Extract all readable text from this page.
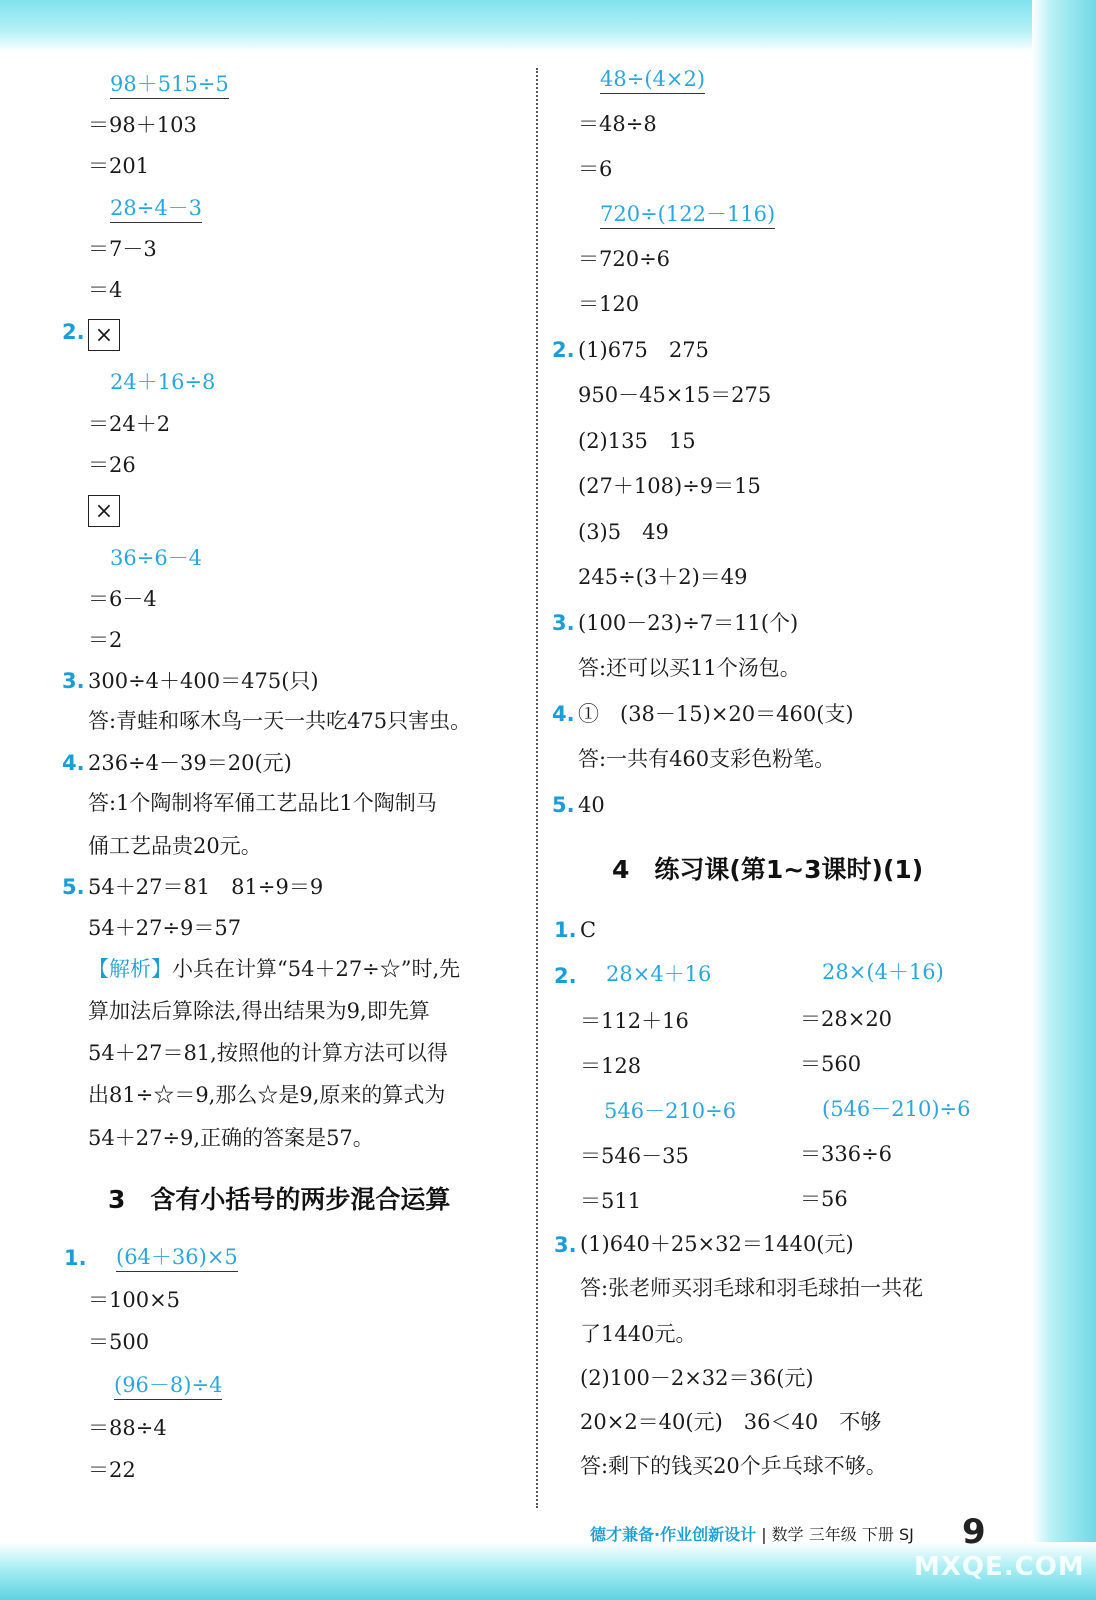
98＋515÷5
＝98＋103
＝201
28÷4－3
＝7－3
＝4
2. ×
24＋16÷8
＝24＋2
＝26
×
36÷6－4
＝6－4
＝2
3. 300÷4＋400＝475(只)
答:青蛙和啄木鸟一天一共吃475只害虫。
4. 236÷4－39＝20(元)
答:1个陶制将军俑工艺品比1个陶制马
俑工艺品贵20元。
5. 54＋27＝81　81÷9＝9
54＋27÷9＝57
【解析】小兵在计算“54＋27÷☆”时,先
算加法后算除法,得出结果为9,即先算
54＋27＝81,按照他的计算方法可以得
出81÷☆＝9,那么☆是9,原来的算式为
54＋27÷9,正确的答案是57。
3　含有小括号的两步混合运算
1. (64＋36)×5
＝100×5
＝500
(96－8)÷4
＝88÷4
＝22
48÷(4×2)
＝48÷8
＝6
720÷(122－116)
＝720÷6
＝120
2. (1)675　275
950－45×15＝275
(2)135　15
(27＋108)÷9＝15
(3)5　49
245÷(3＋2)＝49
3. (100－23)÷7＝11(个)
答:还可以买11个汤包。
4. ①　(38－15)×20＝460(支)
答:一共有460支彩色粉笔。
5. 40
4　练习课(第1~3课时)(1)
1. C
2. 28×4＋16	28×(4＋16)
＝112＋16	＝28×20
＝128	＝560
546－210÷6	(546－210)÷6
＝546－35	＝336÷6
＝511	＝56
3. (1)640＋25×32＝1440(元)
答:张老师买羽毛球和羽毛球拍一共花
了1440元。
(2)100－2×32＝36(元)
20×2＝40(元)　36＜40　不够
答:剩下的钱买20个乒乓球不够。
德才兼备·作业创新设计 | 数学 三年级 下册 SJ 9
MXQE.COM
